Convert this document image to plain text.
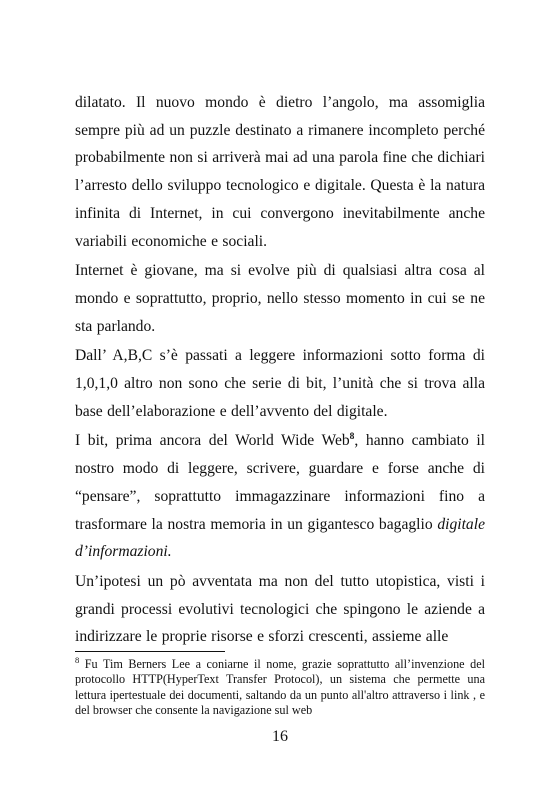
dilatato. Il nuovo mondo è dietro l’angolo, ma assomiglia sempre più ad un puzzle destinato a rimanere incompleto perché probabilmente non si arriverà mai ad una parola fine che dichiari l’arresto dello sviluppo tecnologico e digitale. Questa è la natura infinita di Internet, in cui convergono inevitabilmente anche variabili economiche e sociali.

Internet è giovane, ma si evolve più di qualsiasi altra cosa al mondo e soprattutto, proprio, nello stesso momento in cui se ne sta parlando.

Dall’ A,B,C s’è passati a leggere informazioni sotto forma di 1,0,1,0 altro non sono che serie di bit, l’unità che si trova alla base dell’elaborazione e dell’avvento del digitale.

I bit, prima ancora del World Wide Web$^8$, hanno cambiato il nostro modo di leggere, scrivere, guardare e forse anche di “pensare”, soprattutto immagazzinare informazioni fino a trasformare la nostra memoria in un gigantesco bagaglio digitale d’informazioni.

Un’ipotesi un pò avventata ma non del tutto utopistica, visti i grandi processi evolutivi tecnologici che spingono le aziende a indirizzare le proprie risorse e sforzi crescenti, assieme alle

$^8$ Fu Tim Berners Lee a coniarne il nome, grazie soprattutto all’invenzione del protocollo HTTP(HyperText Transfer Protocol), un sistema che permette una lettura ipertestuale dei documenti, saltando da un punto all'altro attraverso i link , e del browser che consente la navigazione sul web
16
